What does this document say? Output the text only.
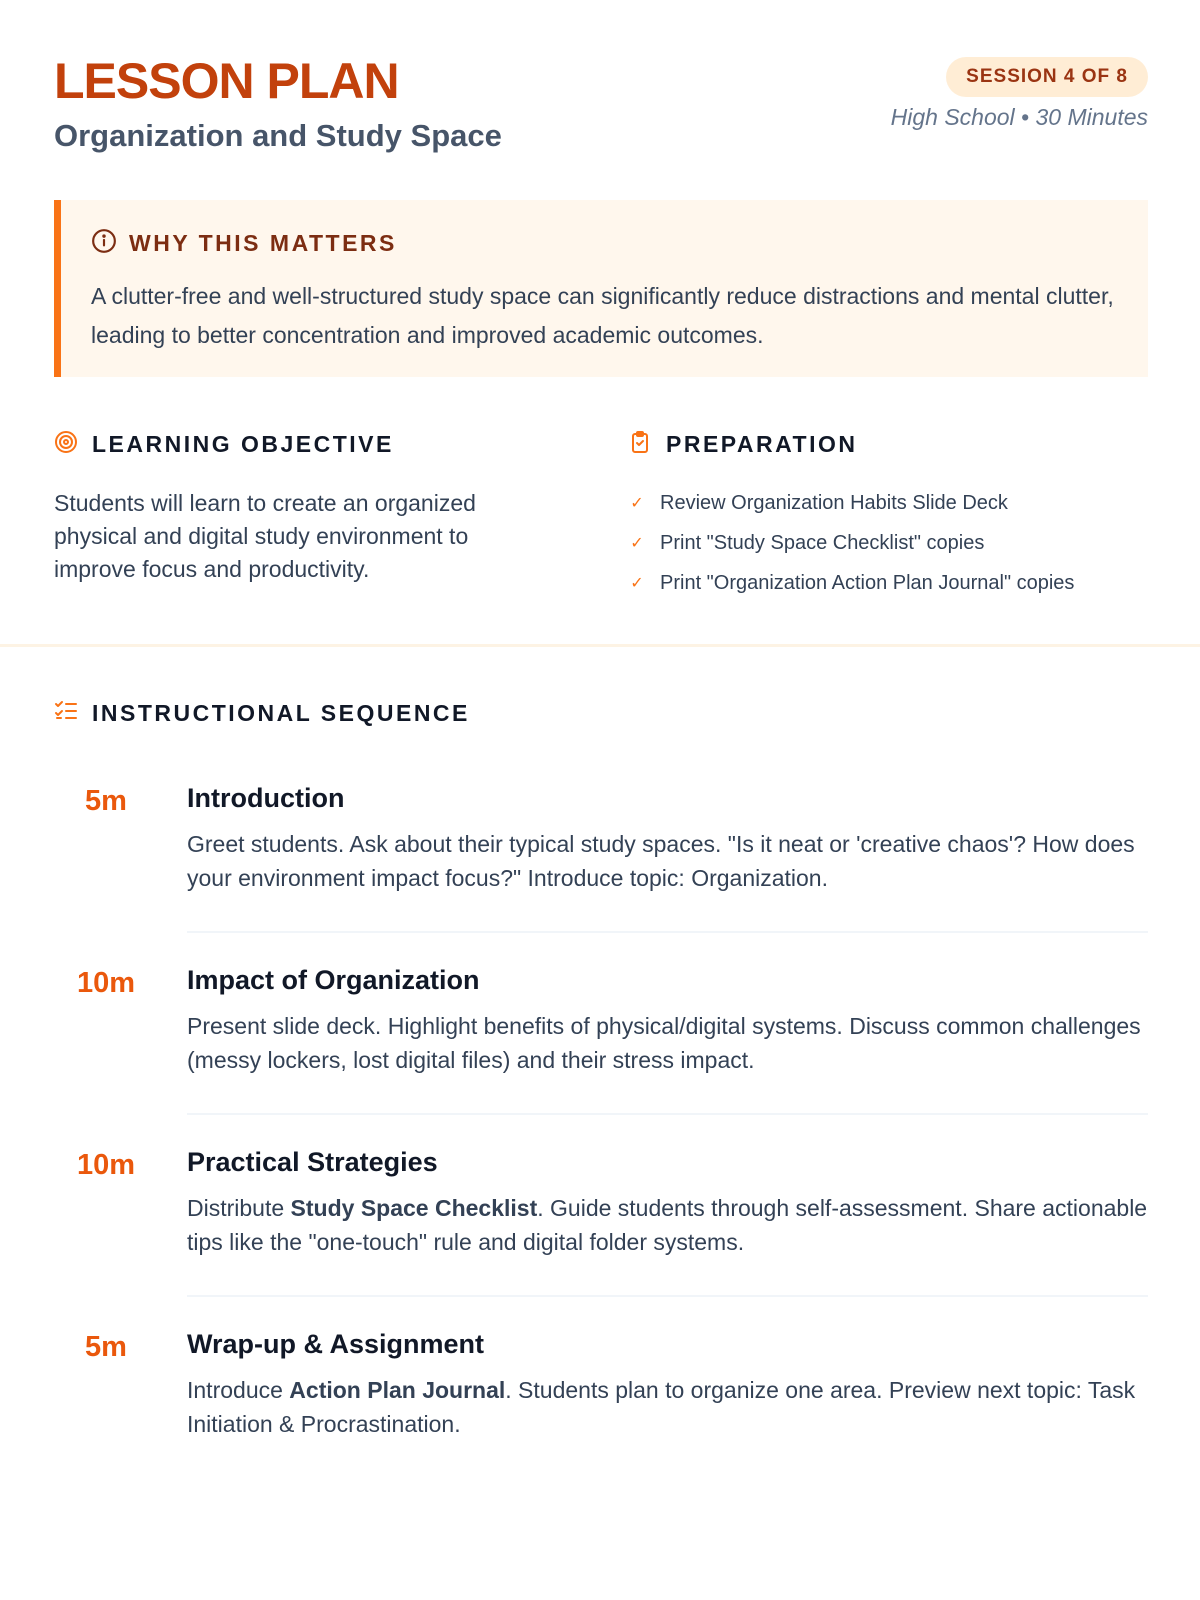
LESSON PLAN
Organization and Study Space
SESSION 4 OF 8
High School • 30 Minutes
WHY THIS MATTERS

A clutter-free and well-structured study space can significantly reduce distractions and mental clutter, leading to better concentration and improved academic outcomes.

LEARNING OBJECTIVE

Students will learn to create an organized physical and digital study environment to improve focus and productivity.

PREPARATION
✓ Review Organization Habits Slide Deck
✓ Print "Study Space Checklist" copies
✓ Print "Organization Action Plan Journal" copies
INSTRUCTIONAL SEQUENCE
5m	Introduction

Greet students. Ask about their typical study spaces. "Is it neat or 'creative chaos'? How does your environment impact focus?" Introduce topic: Organization.

10m	Impact of Organization

Present slide deck. Highlight benefits of physical/digital systems. Discuss common challenges (messy lockers, lost digital files) and their stress impact.

10m	Practical Strategies

Distribute Study Space Checklist. Guide students through self-assessment. Share actionable tips like the "one-touch" rule and digital folder systems.

5m	Wrap-up & Assignment

Introduce Action Plan Journal. Students plan to organize one area. Preview next topic: Task Initiation & Procrastination.
